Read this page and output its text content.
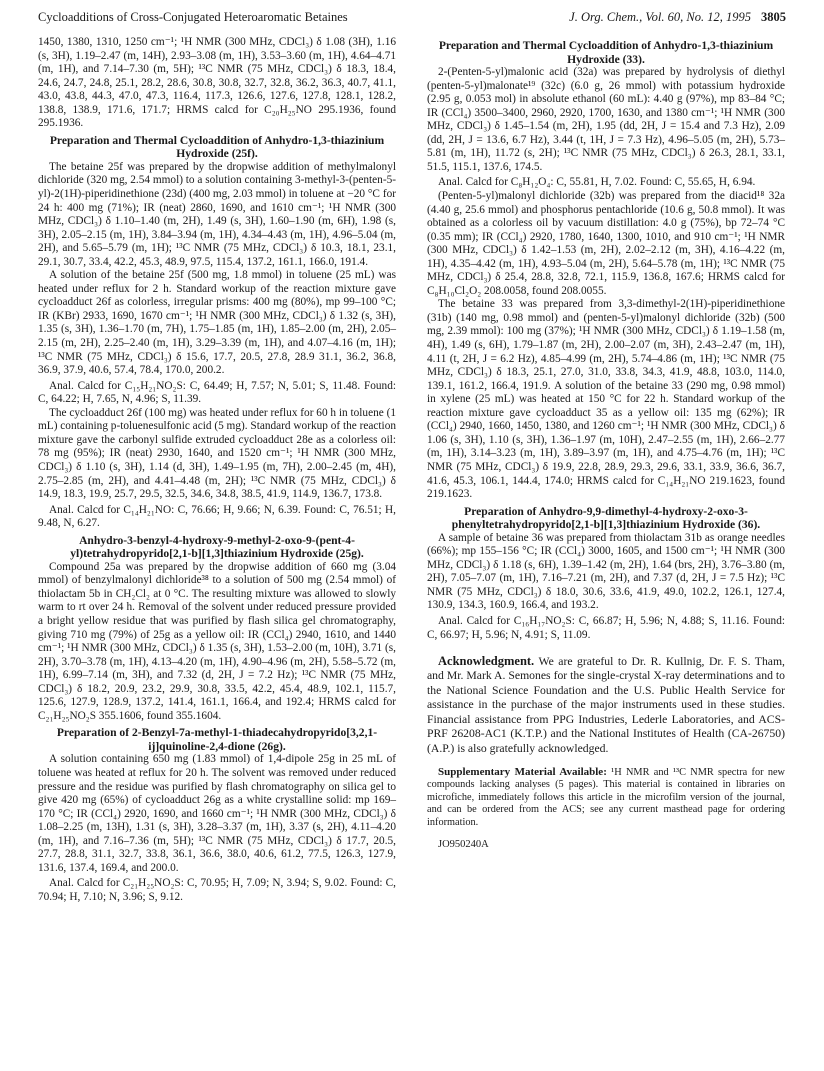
Cycloadditions of Cross-Conjugated Heteroaromatic Betaines	J. Org. Chem., Vol. 60, No. 12, 1995 3805

1450, 1380, 1310, 1250 cm⁻¹; ¹H NMR (300 MHz, CDCl₃) δ 1.08 (3H), 1.16 (s, 3H), 1.19–2.47 (m, 14H), 2.93–3.08 (m, 1H), 3.53–3.60 (m, 1H), 4.64–4.71 (m, 1H), and 7.14–7.30 (m, 5H); ¹³C NMR (75 MHz, CDCl₃) δ 18.3, 18.4, 24.6, 24.7, 24.8, 25.1, 28.2, 28.6, 30.8, 30.8, 32.7, 32.8, 36.2, 36.3, 40.7, 41.1, 43.0, 43.8, 44.3, 47.0, 47.3, 116.4, 117.3, 126.6, 127.6, 127.8, 128.1, 128.2, 138.8, 138.9, 171.6, 171.7; HRMS calcd for C₂₀H₂₅NO 295.1936, found 295.1936.

Preparation and Thermal Cycloaddition of Anhydro-1,3-thiazinium Hydroxide (25f).

The betaine 25f was prepared by the dropwise addition of methylmalonyl dichloride (320 mg, 2.54 mmol) to a solution containing 3-methyl-3-(penten-5-yl)-2(1H)-piperidinethione (23d) (400 mg, 2.03 mmol) in toluene at −20 °C for 24 h: 400 mg (71%); IR (neat) 2860, 1690, and 1610 cm⁻¹; ¹H NMR (300 MHz, CDCl₃) δ 1.10–1.40 (m, 2H), 1.49 (s, 3H), 1.60–1.90 (m, 6H), 1.98 (s, 3H), 2.05–2.15 (m, 1H), 3.84–3.94 (m, 1H), 4.34–4.43 (m, 1H), 4.96–5.04 (m, 2H), and 5.65–5.79 (m, 1H); ¹³C NMR (75 MHz, CDCl₃) δ 10.3, 18.1, 23.1, 29.1, 30.7, 33.4, 42.2, 45.3, 48.9, 97.5, 115.4, 137.2, 161.1, 166.0, 191.4.

A solution of the betaine 25f (500 mg, 1.8 mmol) in toluene (25 mL) was heated under reflux for 2 h. Standard workup of the reaction mixture gave cycloadduct 26f as colorless, irregular prisms: 400 mg (80%), mp 99–100 °C; IR (KBr) 2933, 1690, 1670 cm⁻¹; ¹H NMR (300 MHz, CDCl₃) δ 1.32 (s, 3H), 1.35 (s, 3H), 1.36–1.70 (m, 7H), 1.75–1.85 (m, 1H), 1.85–2.00 (m, 2H), 2.05–2.15 (m, 2H), 2.25–2.40 (m, 1H), 3.29–3.39 (m, 1H), and 4.07–4.16 (m, 1H); ¹³C NMR (75 MHz, CDCl₃) δ 15.6, 17.7, 20.5, 27.8, 28.9 31.1, 36.2, 36.8, 36.9, 37.9, 40.6, 57.4, 78.4, 170.0, 200.2.

Anal. Calcd for C₁₅H₂₁NO₂S: C, 64.49; H, 7.57; N, 5.01; S, 11.48. Found: C, 64.22; H, 7.65, N, 4.96; S, 11.39.

The cycloadduct 26f (100 mg) was heated under reflux for 60 h in toluene (1 mL) containing p-toluenesulfonic acid (5 mg). Standard workup of the reaction mixture gave the carbonyl sulfide extruded cycloadduct 28e as a colorless oil: 78 mg (95%); IR (neat) 2930, 1640, and 1520 cm⁻¹; ¹H NMR (300 MHz, CDCl₃) δ 1.10 (s, 3H), 1.14 (d, 3H), 1.49–1.95 (m, 7H), 2.00–2.45 (m, 4H), 2.75–2.85 (m, 2H), and 4.41–4.48 (m, 2H); ¹³C NMR (75 MHz, CDCl₃) δ 14.9, 18.3, 19.9, 25.7, 29.5, 32.5, 34.6, 34.8, 38.5, 41.9, 114.9, 136.7, 173.8.

Anal. Calcd for C₁₄H₂₁NO: C, 76.66; H, 9.66; N, 6.39. Found: C, 76.51; H, 9.48, N, 6.27.

Anhydro-3-benzyl-4-hydroxy-9-methyl-2-oxo-9-(pent-4-yl)tetrahydropyrido[2,1-b][1,3]thiazinium Hydroxide (25g).

Compound 25a was prepared by the dropwise addition of 660 mg (3.04 mmol) of benzylmalonyl dichloride³⁸ to a solution of 500 mg (2.54 mmol) of thiolactam 5b in CH₂Cl₂ at 0 °C. The resulting mixture was allowed to slowly warm to rt over 24 h. Removal of the solvent under reduced pressure provided a bright yellow residue that was purified by flash silica gel chromatography, giving 710 mg (79%) of 25g as a yellow oil: IR (CCl₄) 2940, 1610, and 1440 cm⁻¹; ¹H NMR (300 MHz, CDCl₃) δ 1.35 (s, 3H), 1.53–2.00 (m, 10H), 3.71 (s, 2H), 3.70–3.78 (m, 1H), 4.13–4.20 (m, 1H), 4.90–4.96 (m, 2H), 5.58–5.72 (m, 1H), 6.99–7.14 (m, 3H), and 7.32 (d, 2H, J = 7.2 Hz); ¹³C NMR (75 MHz, CDCl₃) δ 18.2, 20.9, 23.2, 29.9, 30.8, 33.5, 42.2, 45.4, 48.9, 102.1, 115.7, 125.6, 127.9, 128.9, 137.2, 141.4, 161.1, 166.4, and 192.4; HRMS calcd for C₂₁H₂₅NO₂S 355.1606, found 355.1604.

Preparation of 2-Benzyl-7a-methyl-1-thiadecahydropyrido[3,2,1-ij]quinoline-2,4-dione (26g).

A solution containing 650 mg (1.83 mmol) of 1,4-dipole 25g in 25 mL of toluene was heated at reflux for 20 h. The solvent was removed under reduced pressure and the residue was purified by flash chromatography on silica gel to give 420 mg (65%) of cycloadduct 26g as a white crystalline solid: mp 169–170 °C; IR (CCl₄) 2920, 1690, and 1660 cm⁻¹; ¹H NMR (300 MHz, CDCl₃) δ 1.08–2.25 (m, 13H), 1.31 (s, 3H), 3.28–3.37 (m, 1H), 3.37 (s, 2H), 4.11–4.20 (m, 1H), and 7.16–7.36 (m, 5H); ¹³C NMR (75 MHz, CDCl₃) δ 17.7, 20.5, 27.7, 28.8, 31.1, 32.7, 33.8, 36.1, 36.6, 38.0, 40.6, 61.2, 77.5, 126.3, 127.9, 131.6, 137.4, 169.4, and 200.0.

Anal. Calcd for C₂₁H₂₅NO₂S: C, 70.95; H, 7.09; N, 3.94; S, 9.02. Found: C, 70.94; H, 7.10; N, 3.96; S, 9.12.

Preparation and Thermal Cycloaddition of Anhydro-1,3-thiazinium Hydroxide (33).

2-(Penten-5-yl)malonic acid (32a) was prepared by hydrolysis of diethyl (penten-5-yl)malonate¹⁹ (32c) (6.0 g, 26 mmol) with potassium hydroxide (2.95 g, 0.053 mol) in absolute ethanol (60 mL): 4.40 g (97%), mp 83–84 °C; IR (CCl₄) 3500–3400, 2960, 2920, 1700, 1630, and 1380 cm⁻¹; ¹H NMR (300 MHz, CDCl₃) δ 1.45–1.54 (m, 2H), 1.95 (dd, 2H, J = 15.4 and 7.3 Hz), 2.09 (dd, 2H, J = 13.6, 6.7 Hz), 3.44 (t, 1H, J = 7.3 Hz), 4.96–5.05 (m, 2H), 5.73–5.81 (m, 1H), 11.72 (s, 2H); ¹³C NMR (75 MHz, CDCl₃) δ 26.3, 28.1, 33.1, 51.5, 115.1, 137.6, 174.5.

Anal. Calcd for C₈H₁₂O₄: C, 55.81, H, 7.02. Found: C, 55.65, H, 6.94.

(Penten-5-yl)malonyl dichloride (32b) was prepared from the diacid¹⁸ 32a (4.40 g, 25.6 mmol) and phosphorus pentachloride (10.6 g, 50.8 mmol). It was obtained as a colorless oil by vacuum distillation: 4.0 g (75%), bp 72–74 °C (0.35 mm); IR (CCl₄) 2920, 1780, 1640, 1300, 1010, and 910 cm⁻¹; ¹H NMR (300 MHz, CDCl₃) δ 1.42–1.53 (m, 2H), 2.02–2.12 (m, 3H), 4.16–4.22 (m, 1H), 4.35–4.42 (m, 1H), 4.93–5.04 (m, 2H), 5.64–5.78 (m, 1H); ¹³C NMR (75 MHz, CDCl₃) δ 25.4, 28.8, 32.8, 72.1, 115.9, 136.8, 167.6; HRMS calcd for C₈H₁₀Cl₂O₂ 208.0058, found 208.0055.

The betaine 33 was prepared from 3,3-dimethyl-2(1H)-piperidinethione (31b) (140 mg, 0.98 mmol) and (penten-5-yl)malonyl dichloride (32b) (500 mg, 2.39 mmol): 100 mg (37%); ¹H NMR (300 MHz, CDCl₃) δ 1.19–1.58 (m, 4H), 1.49 (s, 6H), 1.79–1.87 (m, 2H), 2.00–2.07 (m, 3H), 2.43–2.47 (m, 1H), 4.11 (t, 2H, J = 6.2 Hz), 4.85–4.99 (m, 2H), 5.74–4.86 (m, 1H); ¹³C NMR (75 MHz, CDCl₃) δ 18.3, 25.1, 27.0, 31.0, 33.8, 34.3, 41.9, 48.8, 103.0, 114.0, 139.1, 161.2, 166.4, 191.9. A solution of the betaine 33 (290 mg, 0.98 mmol) in xylene (25 mL) was heated at 150 °C for 22 h. Standard workup of the reaction mixture gave cycloadduct 35 as a yellow oil: 135 mg (62%); IR (CCl₄) 2940, 1660, 1450, 1380, and 1260 cm⁻¹; ¹H NMR (300 MHz, CDCl₃) δ 1.06 (s, 3H), 1.10 (s, 3H), 1.36–1.97 (m, 10H), 2.47–2.55 (m, 1H), 2.66–2.77 (m, 1H), 3.14–3.23 (m, 1H), 3.89–3.97 (m, 1H), and 4.75–4.76 (m, 1H); ¹³C NMR (75 MHz, CDCl₃) δ 19.9, 22.8, 28.9, 29.3, 29.6, 33.1, 33.9, 36.6, 36.7, 41.6, 45.3, 106.1, 144.4, 174.0; HRMS calcd for C₁₄H₂₁NO 219.1623, found 219.1623.

Preparation of Anhydro-9,9-dimethyl-4-hydroxy-2-oxo-3-phenyltetrahydropyrido[2,1-b][1,3]thiazinium Hydroxide (36).

A sample of betaine 36 was prepared from thiolactam 31b as orange needles (66%); mp 155–156 °C; IR (CCl₄) 3000, 1605, and 1500 cm⁻¹; ¹H NMR (300 MHz, CDCl₃) δ 1.18 (s, 6H), 1.39–1.42 (m, 2H), 1.64 (brs, 2H), 3.76–3.80 (m, 2H), 7.05–7.07 (m, 1H), 7.16–7.21 (m, 2H), and 7.37 (d, 2H, J = 7.5 Hz); ¹³C NMR (75 MHz, CDCl₃) δ 18.0, 30.6, 33.6, 41.9, 49.0, 102.2, 126.1, 127.4, 130.9, 134.3, 160.9, 166.4, and 193.2.

Anal. Calcd for C₁₆H₁₇NO₂S: C, 66.87; H, 5.96; N, 4.88; S, 11.16. Found: C, 66.97; H, 5.96; N, 4.91; S, 11.09.

Acknowledgment. We are grateful to Dr. R. Kullnig, Dr. F. S. Tham, and Mr. Mark A. Semones for the single-crystal X-ray determinations and to the National Science Foundation and the U.S. Public Health Service for assistance in the purchase of the major instruments used in these studies. Financial assistance from PPG Industries, Lederle Laboratories, and ACS-PRF 26208-AC1 (K.T.P.) and the National Institutes of Health (CA-26750) (A.P.) is also gratefully acknowledged.

Supplementary Material Available: ¹H NMR and ¹³C NMR spectra for new compounds lacking analyses (5 pages). This material is contained in libraries on microfiche, immediately follows this article in the microfilm version of the journal, and can be ordered from the ACS; see any current masthead page for ordering information.

JO950240A
